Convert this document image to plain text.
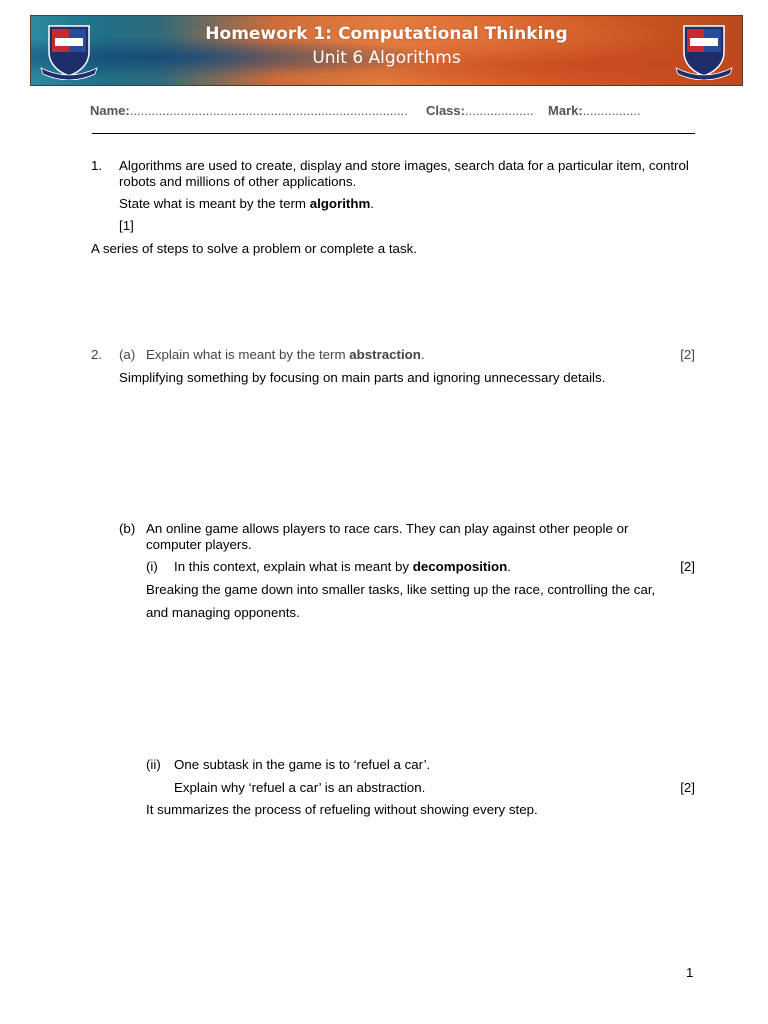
Homework 1: Computational Thinking
Unit 6 Algorithms
Name:............................................................................. Class:................... Mark:................
1. Algorithms are used to create, display and store images, search data for a particular item, control robots and millions of other applications.
State what is meant by the term algorithm.
[1]
A series of steps to solve a problem or complete a task.
2. (a) Explain what is meant by the term abstraction.	[2]
Simplifying something by focusing on main parts and ignoring unnecessary details.
(b) An online game allows players to race cars. They can play against other people or computer players.
(i) In this context, explain what is meant by decomposition.	[2]
Breaking the game down into smaller tasks, like setting up the race, controlling the car,
and managing opponents.
(ii) One subtask in the game is to ‘refuel a car’.
Explain why ‘refuel a car’ is an abstraction.	[2]
It summarizes the process of refueling without showing every step.
1
